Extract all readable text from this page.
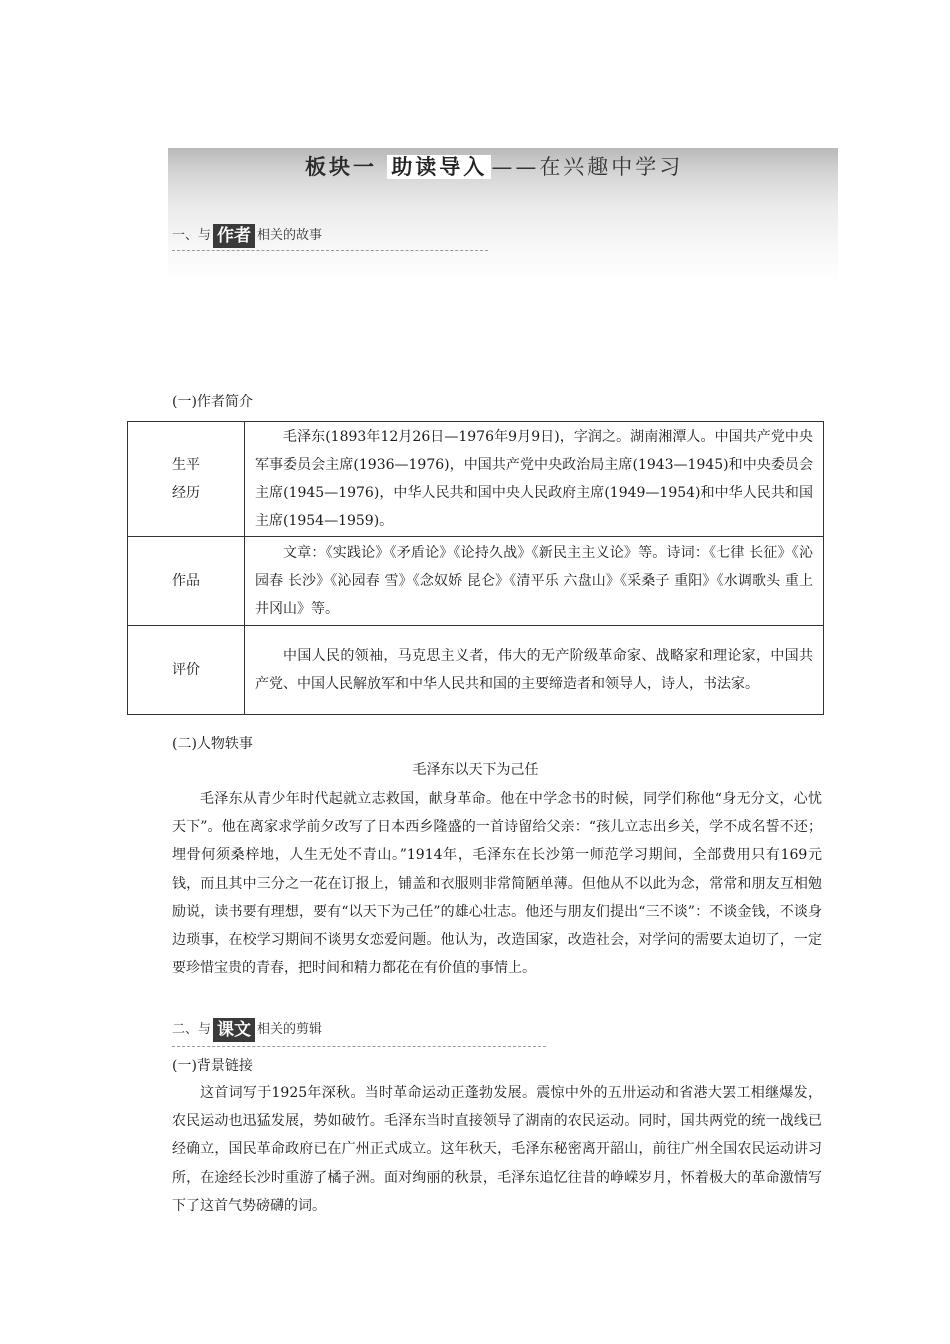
板块一 助读导入 ——在兴趣中学习
一、与 作者 相关的故事
(一)作者简介
生平
经历	毛泽东(1893年12月26日—1976年9月9日)，字润之。湖南湘潭人。中国共产党中央军事委员会主席(1936—1976)，中国共产党中央政治局主席(1943—1945)和中央委员会主席(1945—1976)，中华人民共和国中央人民政府主席(1949—1954)和中华人民共和国主席(1954—1959)。

作品	文章：《实践论》《矛盾论》《论持久战》《新民主主义论》等。诗词：《七律 长征》《沁园春 长沙》《沁园春 雪》《念奴娇 昆仑》《清平乐 六盘山》《采桑子 重阳》《水调歌头 重上井冈山》等。

评价	中国人民的领袖，马克思主义者，伟大的无产阶级革命家、战略家和理论家，中国共产党、中国人民解放军和中华人民共和国的主要缔造者和领导人，诗人，书法家。
(二)人物轶事
毛泽东以天下为己任
毛泽东从青少年时代起就立志救国，献身革命。他在中学念书的时候，同学们称他“身无分文，心忧天下”。他在离家求学前夕改写了日本西乡隆盛的一首诗留给父亲：“孩儿立志出乡关，学不成名誓不还；埋骨何须桑梓地，人生无处不青山。”1914年，毛泽东在长沙第一师范学习期间，全部费用只有169元钱，而且其中三分之一花在订报上，铺盖和衣服则非常简陋单薄。但他从不以此为念，常常和朋友互相勉励说，读书要有理想，要有“以天下为己任”的雄心壮志。他还与朋友们提出“三不谈”：不谈金钱，不谈身边琐事，在校学习期间不谈男女恋爱问题。他认为，改造国家，改造社会，对学问的需要太迫切了，一定要珍惜宝贵的青春，把时间和精力都花在有价值的事情上。
二、与 课文 相关的剪辑
(一)背景链接
这首词写于1925年深秋。当时革命运动正蓬勃发展。震惊中外的五卅运动和省港大罢工相继爆发，农民运动也迅猛发展，势如破竹。毛泽东当时直接领导了湖南的农民运动。同时，国共两党的统一战线已经确立，国民革命政府已在广州正式成立。这年秋天，毛泽东秘密离开韶山，前往广州全国农民运动讲习所，在途经长沙时重游了橘子洲。面对绚丽的秋景，毛泽东追忆往昔的峥嵘岁月，怀着极大的革命激情写下了这首气势磅礴的词。
